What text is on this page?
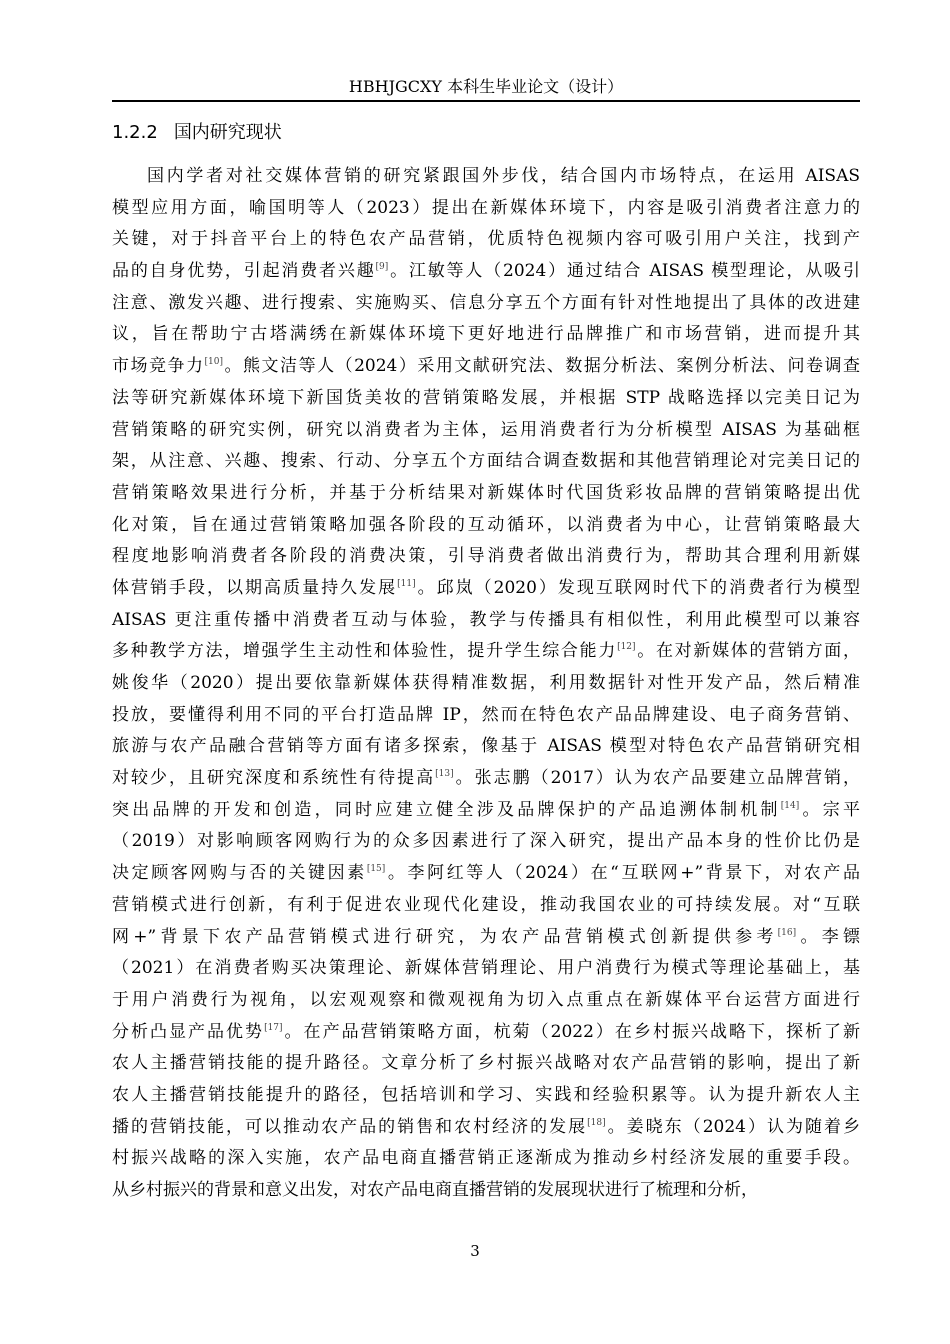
HBHJGCXY 本科生毕业论文（设计）
1.2.2 国内研究现状
国内学者对社交媒体营销的研究紧跟国外步伐，结合国内市场特点，在运用 AISAS
模型应用方面，喻国明等人（2023）提出在新媒体环境下，内容是吸引消费者注意力的
关键，对于抖音平台上的特色农产品营销，优质特色视频内容可吸引用户关注，找到产
品的自身优势，引起消费者兴趣[9]。江敏等人（2024）通过结合 AISAS 模型理论，从吸引
注意、激发兴趣、进行搜索、实施购买、信息分享五个方面有针对性地提出了具体的改进建
议，旨在帮助宁古塔满绣在新媒体环境下更好地进行品牌推广和市场营销，进而提升其
市场竞争力[10]。熊文洁等人（2024）采用文献研究法、数据分析法、案例分析法、问卷调查
法等研究新媒体环境下新国货美妆的营销策略发展，并根据 STP 战略选择以完美日记为
营销策略的研究实例，研究以消费者为主体，运用消费者行为分析模型 AISAS 为基础框
架，从注意、兴趣、搜索、行动、分享五个方面结合调查数据和其他营销理论对完美日记的
营销策略效果进行分析，并基于分析结果对新媒体时代国货彩妆品牌的营销策略提出优
化对策，旨在通过营销策略加强各阶段的互动循环，以消费者为中心，让营销策略最大
程度地影响消费者各阶段的消费决策，引导消费者做出消费行为，帮助其合理利用新媒
体营销手段，以期高质量持久发展[11]。邱岚（2020）发现互联网时代下的消费者行为模型
AISAS 更注重传播中消费者互动与体验，教学与传播具有相似性，利用此模型可以兼容
多种教学方法，增强学生主动性和体验性，提升学生综合能力[12]。在对新媒体的营销方面，
姚俊华（2020）提出要依靠新媒体获得精准数据，利用数据针对性开发产品，然后精准
投放，要懂得利用不同的平台打造品牌 IP，然而在特色农产品品牌建设、电子商务营销、
旅游与农产品融合营销等方面有诸多探索，像基于 AISAS 模型对特色农产品营销研究相
对较少，且研究深度和系统性有待提高[13]。张志鹏（2017）认为农产品要建立品牌营销，
突出品牌的开发和创造，同时应建立健全涉及品牌保护的产品追溯体制机制[14]。宗平
（2019）对影响顾客网购行为的众多因素进行了深入研究，提出产品本身的性价比仍是
决定顾客网购与否的关键因素[15]。李阿红等人（2024）在“互联网+”背景下，对农产品
营销模式进行创新，有利于促进农业现代化建设，推动我国农业的可持续发展。对“互联
网+”背景下农产品营销模式进行研究，为农产品营销模式创新提供参考[16]。李镖
（2021）在消费者购买决策理论、新媒体营销理论、用户消费行为模式等理论基础上，基
于用户消费行为视角，以宏观观察和微观视角为切入点重点在新媒体平台运营方面进行
分析凸显产品优势[17]。在产品营销策略方面，杭菊（2022）在乡村振兴战略下，探析了新
农人主播营销技能的提升路径。文章分析了乡村振兴战略对农产品营销的影响，提出了新
农人主播营销技能提升的路径，包括培训和学习、实践和经验积累等。认为提升新农人主
播的营销技能，可以推动农产品的销售和农村经济的发展[18]。姜晓东（2024）认为随着乡
村振兴战略的深入实施，农产品电商直播营销正逐渐成为推动乡村经济发展的重要手段。
从乡村振兴的背景和意义出发，对农产品电商直播营销的发展现状进行了梳理和分析，
3
